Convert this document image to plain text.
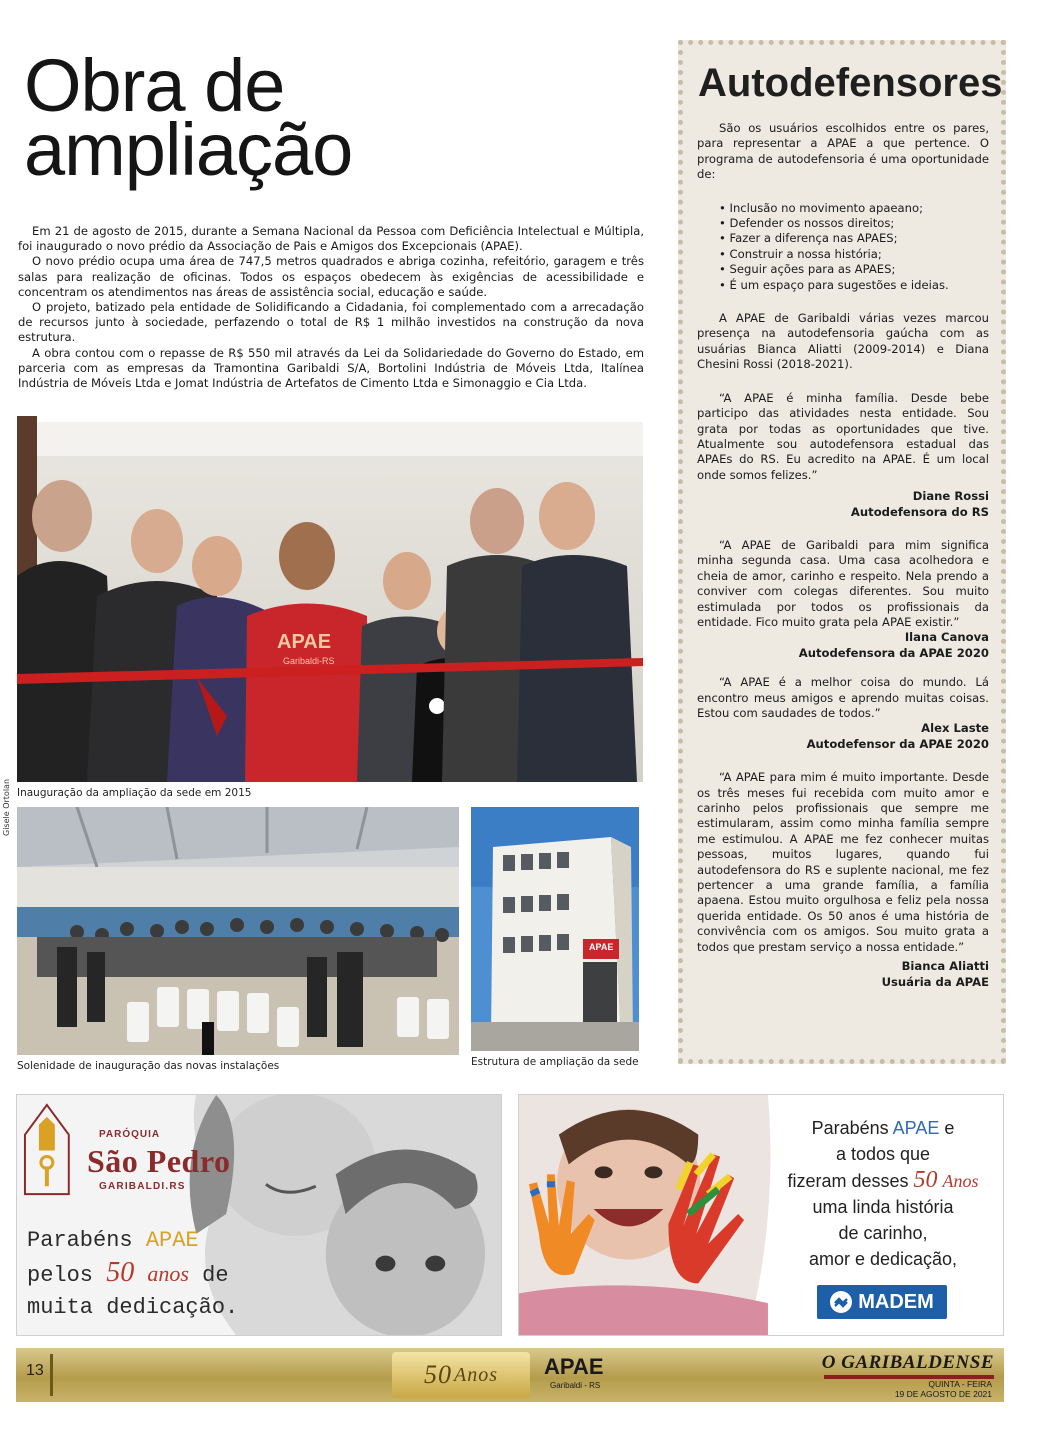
Obra de
ampliação

Em 21 de agosto de 2015, durante a Semana Nacional da Pessoa com Deficiência Intelectual e Múltipla, foi inaugurado o novo prédio da Associação de Pais e Amigos dos Excepcionais (APAE).

O novo prédio ocupa uma área de 747,5 metros quadrados e abriga cozinha, refeitório, garagem e três salas para realização de oficinas. Todos os espaços obedecem às exigências de acessibilidade e concentram os atendimentos nas áreas de assistência social, educação e saúde.

O projeto, batizado pela entidade de Solidificando a Cidadania, foi complementado com a arrecadação de recursos junto à sociedade, perfazendo o total de R$ 1 milhão investidos na construção da nova estrutura.

A obra contou com o repasse de R$ 550 mil através da Lei da Solidariedade do Governo do Estado, em parceria com as empresas da Tramontina Garibaldi S/A, Bortolini Indústria de Móveis Ltda, Italínea Indústria de Móveis Ltda e Jomat Indústria de Artefatos de Cimento Ltda e Simonaggio e Cia Ltda.

APAE
Garibaldi-RS
Inauguração da ampliação da sede em 2015
Gisele Ortolan
Solenidade de inauguração das novas instalações
APAE
Estrutura de ampliação da sede
Autodefensores

São os usuários escolhidos entre os pares, para representar a APAE a que pertence. O programa de autodefensoria é uma oportunidade de:

• Inclusão no movimento apaeano;
• Defender os nossos direitos;
• Fazer a diferença nas APAES;
• Construir a nossa história;
• Seguir ações para as APAES;
• É um espaço para sugestões e ideias.

A APAE de Garibaldi várias vezes marcou presença na autodefensoria gaúcha com as usuárias Bianca Aliatti (2009-2014) e Diana Chesini Rossi (2018-2021).

“A APAE é minha família. Desde bebe participo das atividades nesta entidade. Sou grata por todas as oportunidades que tive. Atualmente sou autodefensora estadual das APAEs do RS. Eu acredito na APAE. É um local onde somos felizes.”

Diane Rossi

Autodefensora do RS

“A APAE de Garibaldi para mim significa minha segunda casa. Uma casa acolhedora e cheia de amor, carinho e respeito. Nela prendo a conviver com colegas diferentes. Sou muito estimulada por todos os profissionais da entidade. Fico muito grata pela APAE existir.”

Ilana Canova

Autodefensora da APAE 2020

“A APAE é a melhor coisa do mundo. Lá encontro meus amigos e aprendo muitas coisas. Estou com saudades de todos.”

Alex Laste

Autodefensor da APAE 2020

“A APAE para mim é muito importante. Desde os três meses fui recebida com muito amor e carinho pelos profissionais que sempre me estimularam, assim como minha família sempre me estimulou. A APAE me fez conhecer muitas pessoas, muitos lugares, quando fui autodefensora do RS e suplente nacional, me fez pertencer a uma grande família, a família apaena. Estou muito orgulhosa e feliz pela nossa querida entidade. Os 50 anos é uma história de convivência com os amigos. Sou muito grata a todos que prestam serviço a nossa entidade.”

Bianca Aliatti

Usuária da APAE

PARÓQUIA
São Pedro
GARIBALDI.RS
Parabéns APAE
pelos 50 anos de
muita dedicação.
Parabéns APAE e
a todos que
fizeram desses 50 Anos
uma linda história
de carinho,
amor e dedicação,
MADEM
13	50 Anos APAE
Garibaldi - RS
O GARIBALDENSE
QUINTA - FEIRA
19 DE AGOSTO DE 2021
